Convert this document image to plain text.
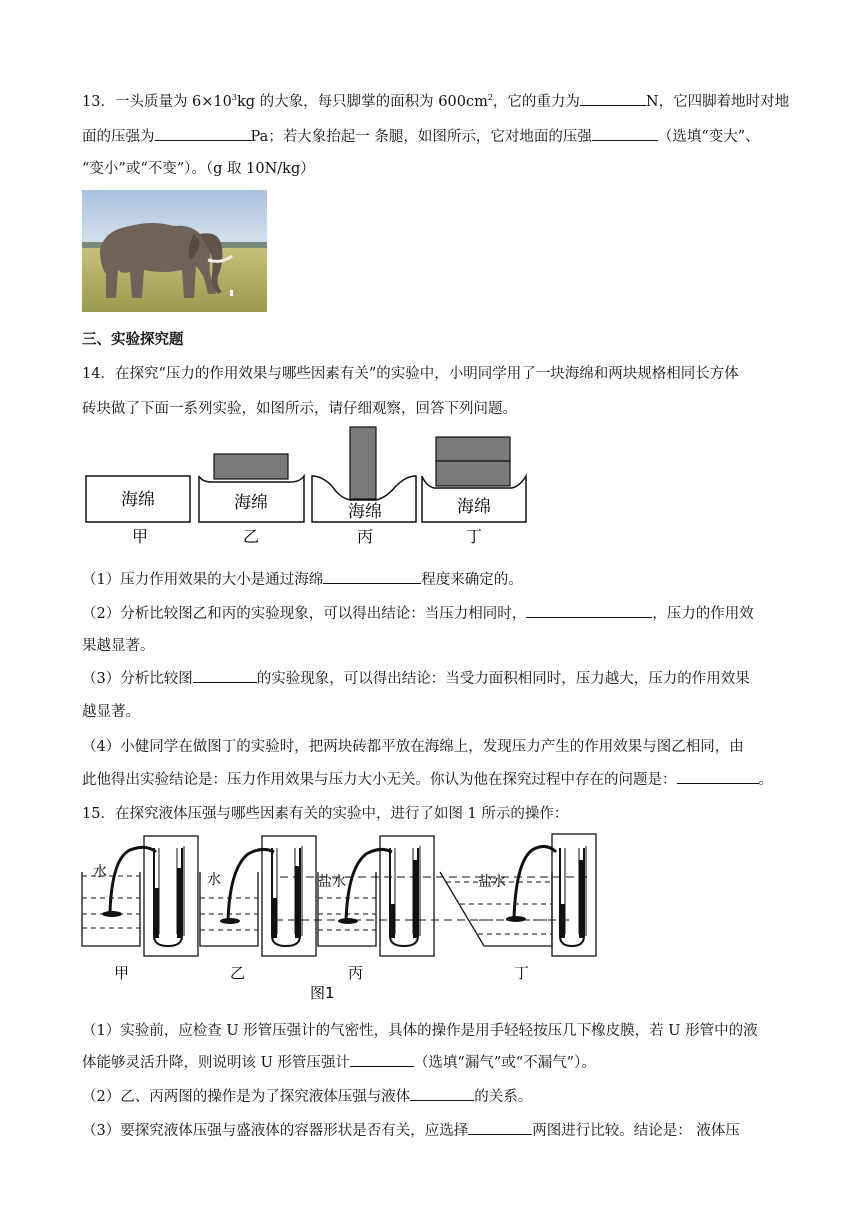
13．一头质量为 $6\times 10^3kg$ 的大象，每只脚掌的面积为 $600cm^2$，它的重力为	N，它四脚着地时对地
面的压强为	Pa；若大象抬起一 条腿，如图所示，它对地面的压强	（选填“变大”、
“变小”或“不变”）。（g 取 10N/kg）
三、实验探究题
14．在探究“压力的作用效果与哪些因素有关”的实验中，小明同学用了一块海绵和两块规格相同长方体
砖块做了下面一系列实验，如图所示，请仔细观察，回答下列问题。
海绵
甲
海绵
乙
海绵
丙
海绵
丁
（1）压力作用效果的大小是通过海绵	程度来确定的。
（2）分析比较图乙和丙的实验现象，可以得出结论：当压力相同时，	，压力的作用效
果越显著。
（3）分析比较图	的实验现象，可以得出结论：当受力面积相同时，压力越大，压力的作用效果
越显著。
（4）小健同学在做图丁的实验时，把两块砖都平放在海绵上，发现压力产生的作用效果与图乙相同，由
此他得出实验结论是：压力作用效果与压力大小无关。你认为他在探究过程中存在的问题是：	。
15．在探究液体压强与哪些因素有关的实验中，进行了如图 1 所示的操作：
水
甲
水
乙
盐水
丙
盐水
丁
图1
（1）实验前，应检查 U 形管压强计的气密性，具体的操作是用手轻轻按压几下橡皮膜，若 U 形管中的液
体能够灵活升降，则说明该 U 形管压强计	（选填“漏气”或“不漏气”）。
（2）乙、丙两图的操作是为了探究液体压强与液体	的关系。
（3）要探究液体压强与盛液体的容器形状是否有关，应选择	两图进行比较。结论是： 液体压
